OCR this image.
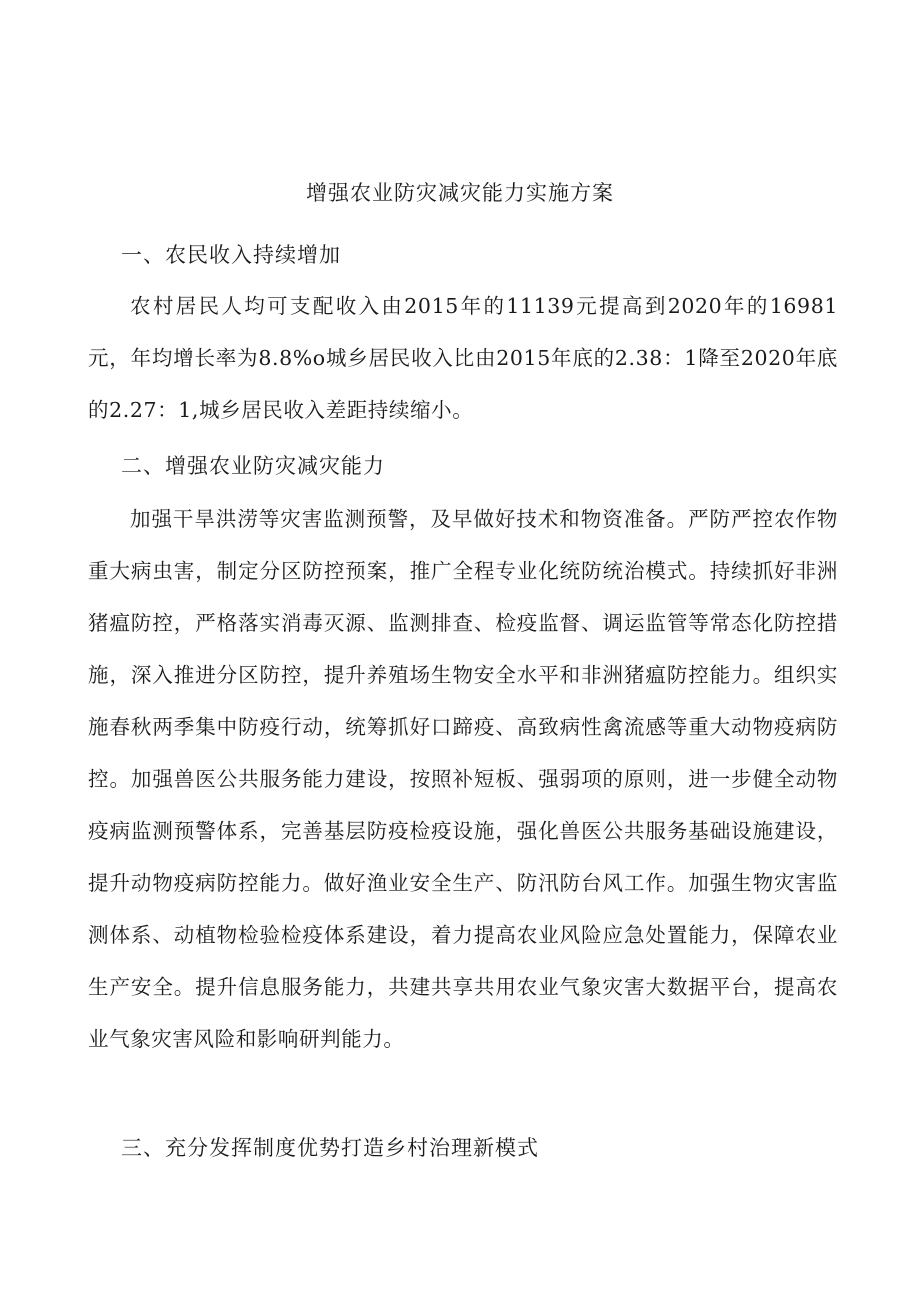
增强农业防灾减灾能力实施方案
一、农民收入持续增加
农村居民人均可支配收入由2015年的11139元提高到2020年的16981元，年均增长率为8.8%o城乡居民收入比由2015年底的2.38：1降至2020年底的2.27：1,城乡居民收入差距持续缩小。
二、增强农业防灾减灾能力
加强干旱洪涝等灾害监测预警，及早做好技术和物资准备。严防严控农作物重大病虫害，制定分区防控预案，推广全程专业化统防统治模式。持续抓好非洲猪瘟防控，严格落实消毒灭源、监测排查、检疫监督、调运监管等常态化防控措施，深入推进分区防控，提升养殖场生物安全水平和非洲猪瘟防控能力。组织实施春秋两季集中防疫行动，统筹抓好口蹄疫、高致病性禽流感等重大动物疫病防控。加强兽医公共服务能力建设，按照补短板、强弱项的原则，进一步健全动物疫病监测预警体系，完善基层防疫检疫设施，强化兽医公共服务基础设施建设，提升动物疫病防控能力。做好渔业安全生产、防汛防台风工作。加强生物灾害监测体系、动植物检验检疫体系建设，着力提高农业风险应急处置能力，保障农业生产安全。提升信息服务能力，共建共享共用农业气象灾害大数据平台，提高农业气象灾害风险和影响研判能力。
三、充分发挥制度优势打造乡村治理新模式
